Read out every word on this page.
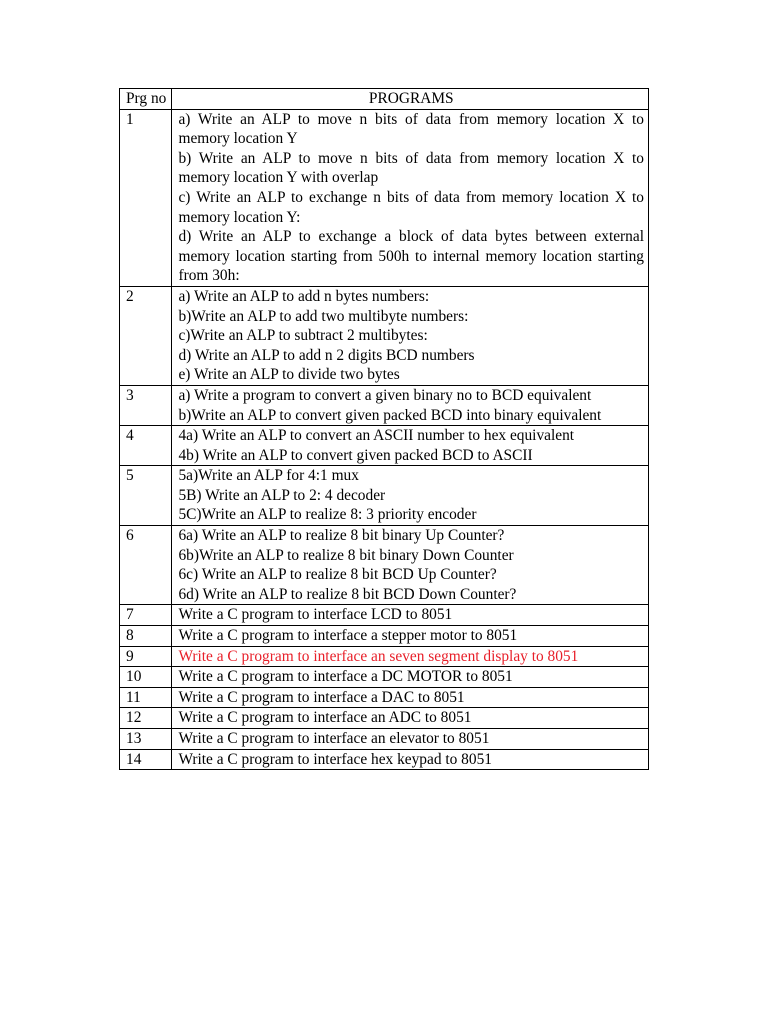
Prg no	PROGRAMS
1	a) Write an ALP to move n bits of data from memory location X to memory location Y
b) Write an ALP to move n bits of data from memory location X to memory location Y with overlap
c) Write an ALP to exchange n bits of data from memory location X to memory location Y:
d) Write an ALP to exchange a block of data bytes between external memory location starting from 500h to internal memory location starting from 30h:

2	a) Write an ALP to add n bytes numbers:
b)Write an ALP to add two multibyte numbers:
c)Write an ALP to subtract 2 multibytes:
d) Write an ALP to add n 2 digits BCD numbers
e) Write an ALP to divide two bytes

3	a) Write a program to convert a given binary no to BCD equivalent
b)Write an ALP to convert given packed BCD into binary equivalent

4	4a) Write an ALP to convert an ASCII number to hex equivalent
4b) Write an ALP to convert given packed BCD to ASCII

5	5a)Write an ALP for 4:1 mux
5B) Write an ALP to 2: 4 decoder
5C)Write an ALP to realize 8: 3 priority encoder

6	6a) Write an ALP to realize 8 bit binary Up Counter?
6b)Write an ALP to realize 8 bit binary Down Counter
6c) Write an ALP to realize 8 bit BCD Up Counter?
6d) Write an ALP to realize 8 bit BCD Down Counter?

7	Write a C program to interface LCD to 8051

8	Write a C program to interface a stepper motor to 8051

9	Write a C program to interface an seven segment display to 8051

10	Write a C program to interface a DC MOTOR to 8051

11	Write a C program to interface a DAC to 8051

12	Write a C program to interface an ADC to 8051

13	Write a C program to interface an elevator to 8051

14	Write a C program to interface hex keypad to 8051
